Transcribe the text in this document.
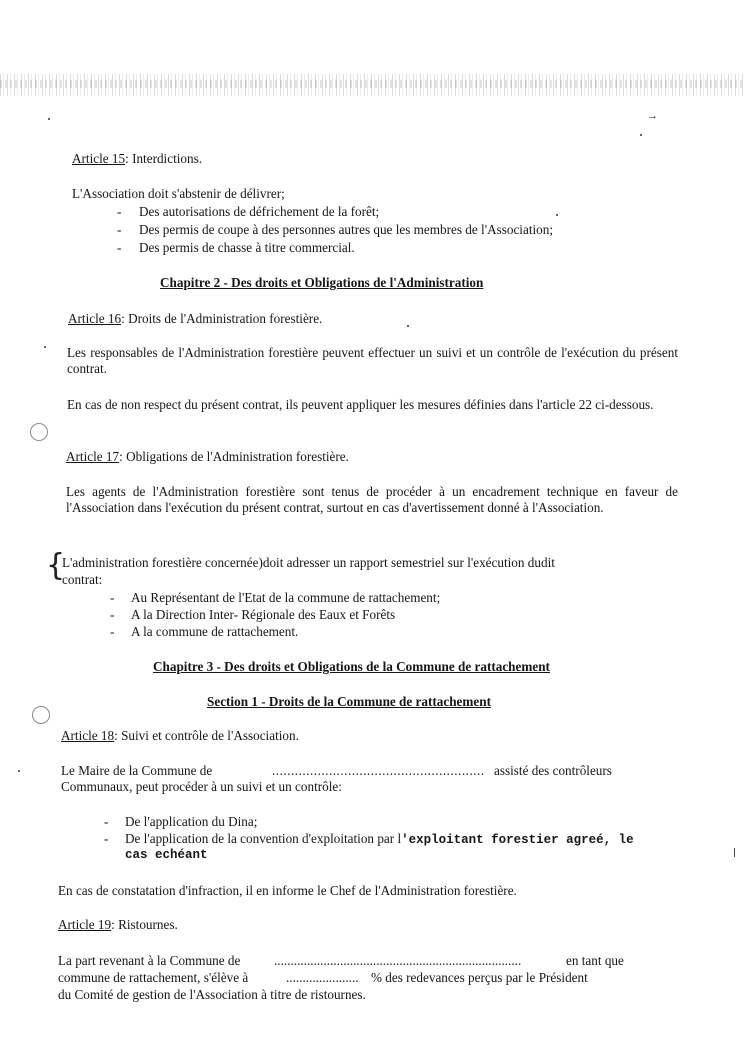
→
Article 15: Interdictions.
L'Association doit s'abstenir de délivrer;
- Des autorisations de défrichement de la forêt;
- Des permis de coupe à des personnes autres que les membres de l'Association;
- Des permis de chasse à titre commercial.
Chapitre 2 - Des droits et Obligations de l'Administration
Article 16: Droits de l'Administration forestière.
Les responsables de l'Administration forestière peuvent effectuer un suivi et un contrôle de l'exécution du présent contrat.
En cas de non respect du présent contrat, ils peuvent appliquer les mesures définies dans l'article 22 ci-dessous.
Article 17: Obligations de l'Administration forestière.
Les agents de l'Administration forestière sont tenus de procéder à un encadrement technique en faveur de l'Association dans l'exécution du présent contrat, surtout en cas d'avertissement donné à l'Association.
{
L'administration forestière concernée)doit adresser un rapport semestriel sur l'exécution dudit
contrat:
- Au Représentant de l'Etat de la commune de rattachement;
- A la Direction Inter- Régionale des Eaux et Forêts
- A la commune de rattachement.
Chapitre 3 - Des droits et Obligations de la Commune de rattachement
Section 1 - Droits de la Commune de rattachement
Article 18: Suivi et contrôle de l'Association.
Le Maire de la Commune de	........................................................ assisté des contrôleurs
Communaux, peut procéder à un suivi et un contrôle:
- De l'application du Dina;
- De l'application de la convention d'exploitation par l'exploitant forestier agreé, le
cas echéant
En cas de constatation d'infraction, il en informe le Chef de l'Administration forestière.
Article 19: Ristournes.
La part revenant à la Commune de	...........................................................................	en tant que
commune de rattachement, s'élève à	...................... % des redevances perçus par le Président
du Comité de gestion de l'Association à titre de ristournes.
